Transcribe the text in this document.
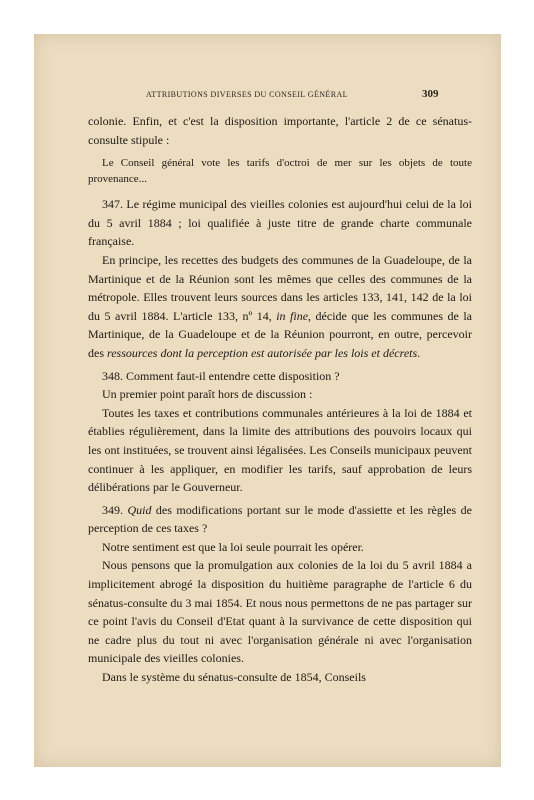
ATTRIBUTIONS DIVERSES DU CONSEIL GÉNÉRAL	309

colonie. Enfin, et c'est la disposition importante, l'article 2 de ce sénatus-consulte stipule :

Le Conseil général vote les tarifs d'octroi de mer sur les objets de toute provenance...

347. Le régime municipal des vieilles colonies est aujourd'hui celui de la loi du 5 avril 1884 ; loi qualifiée à juste titre de grande charte communale française.

En principe, les recettes des budgets des communes de la Guadeloupe, de la Martinique et de la Réunion sont les mêmes que celles des communes de la métropole. Elles trouvent leurs sources dans les articles 133, 141, 142 de la loi du 5 avril 1884. L'article 133, nº 14, in fine, décide que les communes de la Martinique, de la Guadeloupe et de la Réunion pourront, en outre, percevoir des ressources dont la perception est autorisée par les lois et décrets.

348. Comment faut-il entendre cette disposition ?

Un premier point paraît hors de discussion :

Toutes les taxes et contributions communales antérieures à la loi de 1884 et établies régulièrement, dans la limite des attributions des pouvoirs locaux qui les ont instituées, se trouvent ainsi légalisées. Les Conseils municipaux peuvent continuer à les appliquer, en modifier les tarifs, sauf approbation de leurs délibérations par le Gouverneur.

349. Quid des modifications portant sur le mode d'assiette et les règles de perception de ces taxes ?

Notre sentiment est que la loi seule pourrait les opérer.

Nous pensons que la promulgation aux colonies de la loi du 5 avril 1884 a implicitement abrogé la disposition du huitième paragraphe de l'article 6 du sénatus-consulte du 3 mai 1854. Et nous nous permettons de ne pas partager sur ce point l'avis du Conseil d'Etat quant à la survivance de cette disposition qui ne cadre plus du tout ni avec l'organisation générale ni avec l'organisation municipale des vieilles colonies.

Dans le système du sénatus-consulte de 1854, Conseils
